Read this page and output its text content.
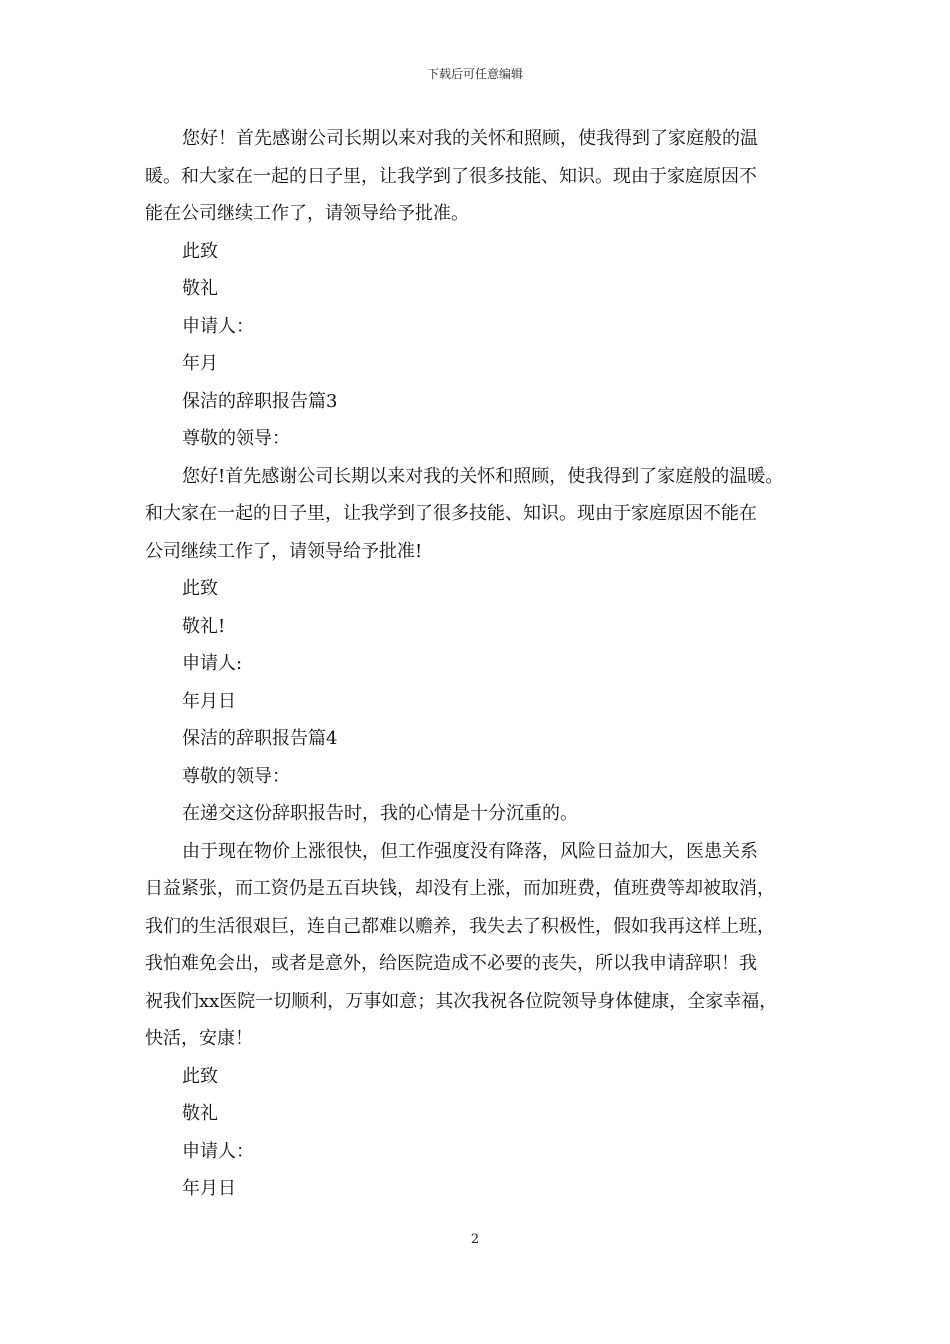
下载后可任意编辑

您好！首先感谢公司长期以来对我的关怀和照顾，使我得到了家庭般的温

暖。和大家在一起的日子里，让我学到了很多技能、知识。现由于家庭原因不

能在公司继续工作了，请领导给予批准。

此致

敬礼

申请人：

年月

保洁的辞职报告篇3

尊敬的领导：

您好!首先感谢公司长期以来对我的关怀和照顾，使我得到了家庭般的温暖。

和大家在一起的日子里，让我学到了很多技能、知识。现由于家庭原因不能在

公司继续工作了，请领导给予批准!

此致

敬礼!

申请人:

年月日

保洁的辞职报告篇4

尊敬的领导：

在递交这份辞职报告时，我的心情是十分沉重的。

由于现在物价上涨很快，但工作强度没有降落，风险日益加大，医患关系

日益紧张，而工资仍是五百块钱，却没有上涨，而加班费，值班费等却被取消，

我们的生活很艰巨，连自己都难以赡养，我失去了积极性，假如我再这样上班，

我怕难免会出，或者是意外，给医院造成不必要的丧失，所以我申请辞职！我

祝我们xx医院一切顺利，万事如意；其次我祝各位院领导身体健康，全家幸福，

快活，安康！

此致

敬礼

申请人：

年月日

2
